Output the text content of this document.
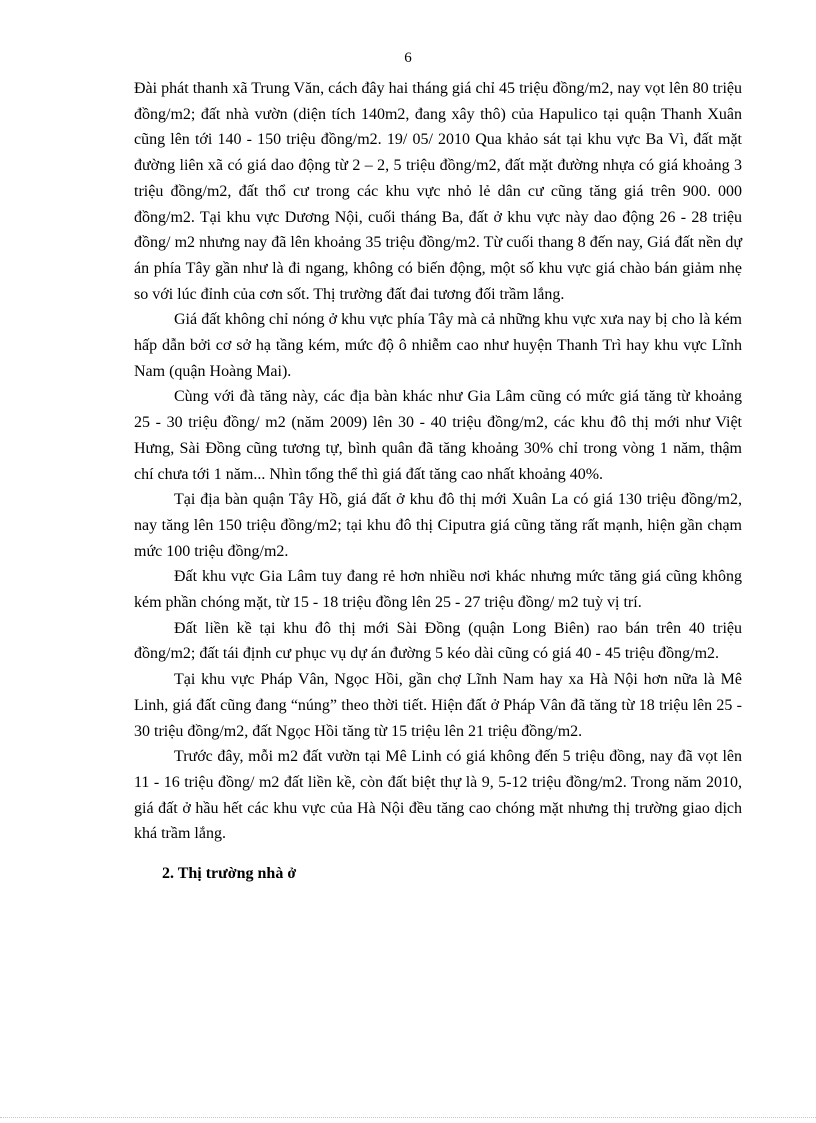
6

Đài phát thanh xã Trung Văn, cách đây hai tháng giá chỉ 45 triệu đồng/m2, nay vọt lên 80 triệu đồng/m2; đất nhà vườn (diện tích 140m2, đang xây thô) của Hapulico tại quận Thanh Xuân cũng lên tới 140 - 150 triệu đồng/m2. 19/ 05/ 2010 Qua khảo sát tại khu vực Ba Vì, đất mặt đường liên xã có giá dao động từ 2 – 2, 5 triệu đồng/m2, đất mặt đường nhựa có giá khoảng 3 triệu đồng/m2, đất thổ cư trong các khu vực nhỏ lẻ dân cư cũng tăng giá trên 900. 000 đồng/m2. Tại khu vực Dương Nội, cuối tháng Ba, đất ở khu vực này dao động 26 - 28 triệu đồng/ m2 nhưng nay đã lên khoảng 35 triệu đồng/m2. Từ cuối thang 8 đến nay, Giá đất nền dự án phía Tây gần như là đi ngang, không có biến động, một số khu vực giá chào bán giảm nhẹ so với lúc đỉnh của cơn sốt. Thị trường đất đai tương đối trầm lắng.

Giá đất không chỉ nóng ở khu vực phía Tây mà cả những khu vực xưa nay bị cho là kém hấp dẫn bởi cơ sở hạ tầng kém, mức độ ô nhiễm cao như huyện Thanh Trì hay khu vực Lĩnh Nam (quận Hoàng Mai).

Cùng với đà tăng này, các địa bàn khác như Gia Lâm cũng có mức giá tăng từ khoảng 25 - 30 triệu đồng/ m2 (năm 2009) lên 30 - 40 triệu đồng/m2, các khu đô thị mới như Việt Hưng, Sài Đồng cũng tương tự, bình quân đã tăng khoảng 30% chỉ trong vòng 1 năm, thậm chí chưa tới 1 năm... Nhìn tổng thể thì giá đất tăng cao nhất khoảng 40%.

Tại địa bàn quận Tây Hồ, giá đất ở khu đô thị mới Xuân La có giá 130 triệu đồng/m2, nay tăng lên 150 triệu đồng/m2; tại khu đô thị Ciputra giá cũng tăng rất mạnh, hiện gần chạm mức 100 triệu đồng/m2.

Đất khu vực Gia Lâm tuy đang rẻ hơn nhiều nơi khác nhưng mức tăng giá cũng không kém phần chóng mặt, từ 15 - 18 triệu đồng lên 25 - 27 triệu đồng/ m2 tuỳ vị trí.

Đất liền kề tại khu đô thị mới Sài Đồng (quận Long Biên) rao bán trên 40 triệu đồng/m2; đất tái định cư phục vụ dự án đường 5 kéo dài cũng có giá 40 - 45 triệu đồng/m2.

Tại khu vực Pháp Vân, Ngọc Hồi, gần chợ Lĩnh Nam hay xa Hà Nội hơn nữa là Mê Linh, giá đất cũng đang “núng” theo thời tiết. Hiện đất ở Pháp Vân đã tăng từ 18 triệu lên 25 - 30 triệu đồng/m2, đất Ngọc Hồi tăng từ 15 triệu lên 21 triệu đồng/m2.

Trước đây, mỗi m2 đất vườn tại Mê Linh có giá không đến 5 triệu đồng, nay đã vọt lên 11 - 16 triệu đồng/ m2 đất liền kề, còn đất biệt thự là 9, 5-12 triệu đồng/m2. Trong năm 2010, giá đất ở hầu hết các khu vực của Hà Nội đều tăng cao chóng mặt nhưng thị trường giao dịch khá trầm lắng.

2. Thị trường nhà ở
